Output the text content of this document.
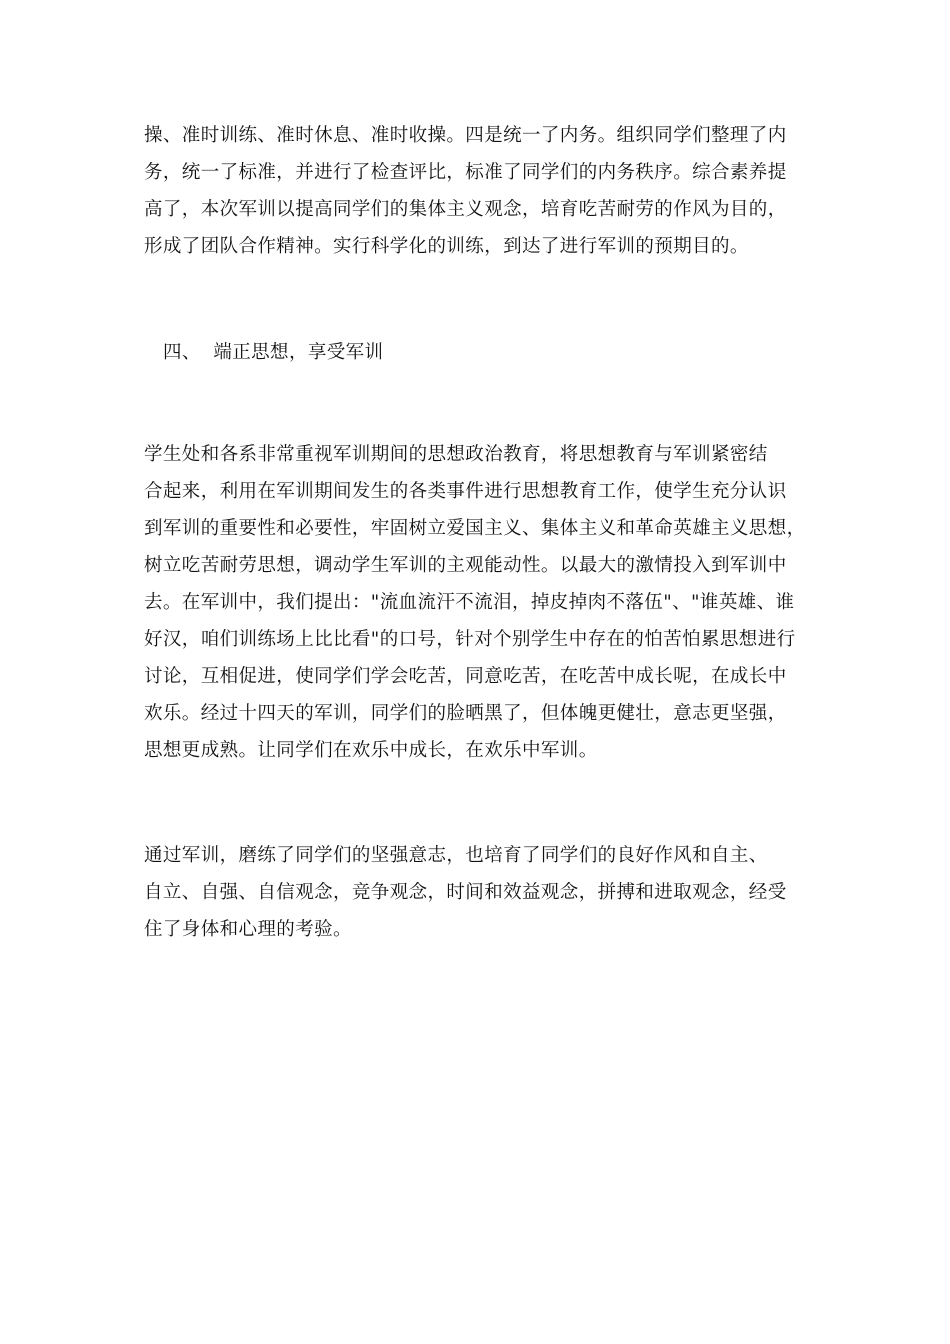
操、准时训练、准时休息、准时收操。四是统一了内务。组织同学们整理了内
务，统一了标准，并进行了检查评比，标准了同学们的内务秩序。综合素养提
高了，本次军训以提高同学们的集体主义观念，培育吃苦耐劳的作风为目的，
形成了团队合作精神。实行科学化的训练，到达了进行军训的预期目的。
四、  端正思想，享受军训
学生处和各系非常重视军训期间的思想政治教育，将思想教育与军训紧密结
合起来，利用在军训期间发生的各类事件进行思想教育工作，使学生充分认识
到军训的重要性和必要性，牢固树立爱国主义、集体主义和革命英雄主义思想，
树立吃苦耐劳思想，调动学生军训的主观能动性。以最大的激情投入到军训中
去。在军训中，我们提出："流血流汗不流泪，掉皮掉肉不落伍"、"谁英雄、谁
好汉，咱们训练场上比比看"的口号，针对个别学生中存在的怕苦怕累思想进行
讨论，互相促进，使同学们学会吃苦，同意吃苦，在吃苦中成长呢，在成长中
欢乐。经过十四天的军训，同学们的脸晒黑了，但体魄更健壮，意志更坚强，
思想更成熟。让同学们在欢乐中成长，在欢乐中军训。
通过军训，磨练了同学们的坚强意志，也培育了同学们的良好作风和自主、
自立、自强、自信观念，竞争观念，时间和效益观念，拼搏和进取观念，经受
住了身体和心理的考验。
